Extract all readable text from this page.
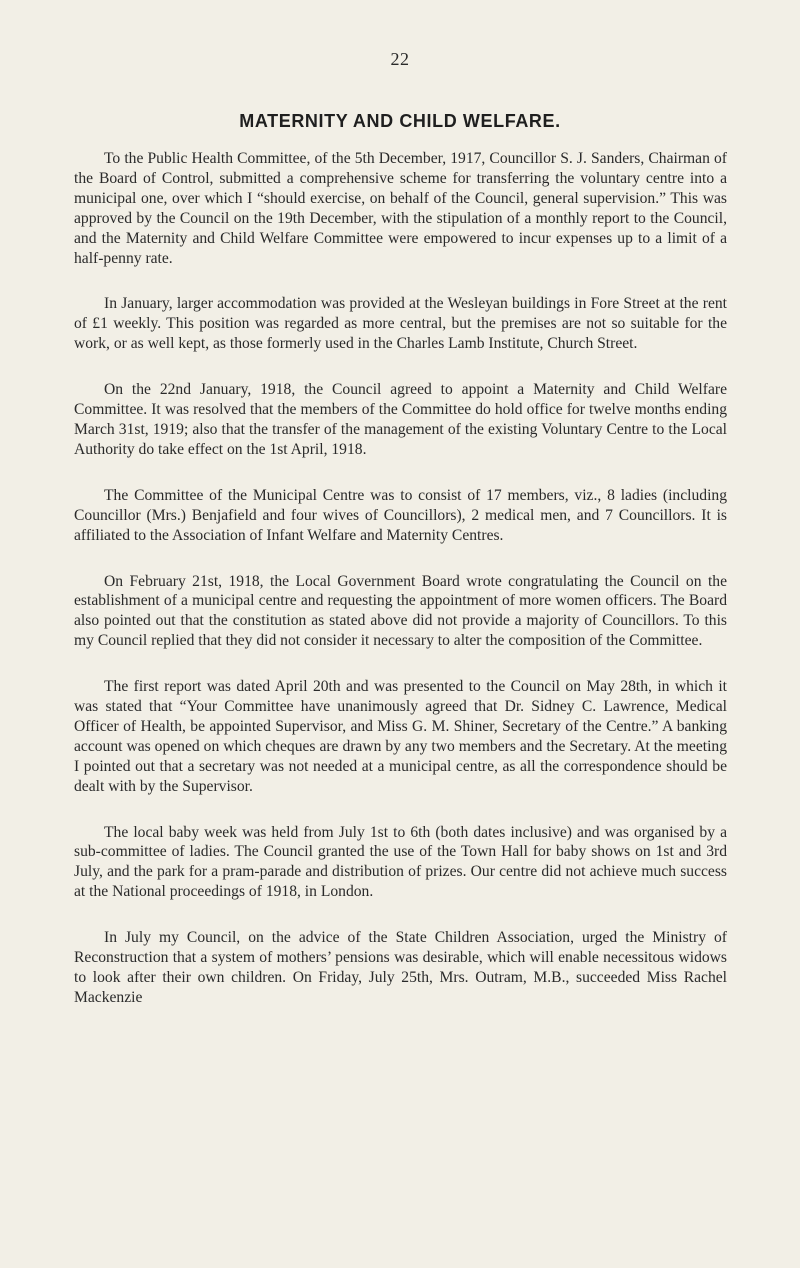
22
MATERNITY AND CHILD WELFARE.

To the Public Health Committee, of the 5th December, 1917, Councillor S. J. Sanders, Chairman of the Board of Control, submitted a comprehensive scheme for transferring the voluntary centre into a municipal one, over which I “should exercise, on behalf of the Council, general supervision.” This was approved by the Council on the 19th December, with the stipulation of a monthly report to the Council, and the Maternity and Child Welfare Committee were empowered to incur expenses up to a limit of a half-penny rate.

In January, larger accommodation was provided at the Wesleyan buildings in Fore Street at the rent of £1 weekly. This position was regarded as more central, but the premises are not so suitable for the work, or as well kept, as those formerly used in the Charles Lamb Institute, Church Street.

On the 22nd January, 1918, the Council agreed to appoint a Maternity and Child Welfare Committee. It was resolved that the members of the Committee do hold office for twelve months ending March 31st, 1919; also that the transfer of the management of the existing Voluntary Centre to the Local Authority do take effect on the 1st April, 1918.

The Committee of the Municipal Centre was to consist of 17 members, viz., 8 ladies (including Councillor (Mrs.) Benjafield and four wives of Councillors), 2 medical men, and 7 Councillors. It is affiliated to the Association of Infant Welfare and Maternity Centres.

On February 21st, 1918, the Local Government Board wrote congratulating the Council on the establishment of a municipal centre and requesting the appointment of more women officers. The Board also pointed out that the constitution as stated above did not provide a majority of Councillors. To this my Council replied that they did not consider it necessary to alter the composition of the Committee.

The first report was dated April 20th and was presented to the Council on May 28th, in which it was stated that “Your Committee have unanimously agreed that Dr. Sidney C. Lawrence, Medical Officer of Health, be appointed Supervisor, and Miss G. M. Shiner, Secretary of the Centre.” A banking account was opened on which cheques are drawn by any two members and the Secretary. At the meeting I pointed out that a secretary was not needed at a municipal centre, as all the correspondence should be dealt with by the Supervisor.

The local baby week was held from July 1st to 6th (both dates inclusive) and was organised by a sub-committee of ladies. The Council granted the use of the Town Hall for baby shows on 1st and 3rd July, and the park for a pram-parade and distribution of prizes. Our centre did not achieve much success at the National proceedings of 1918, in London.

In July my Council, on the advice of the State Children Association, urged the Ministry of Reconstruction that a system of mothers’ pensions was desirable, which will enable necessitous widows to look after their own children. On Friday, July 25th, Mrs. Outram, M.B., succeeded Miss Rachel Mackenzie
